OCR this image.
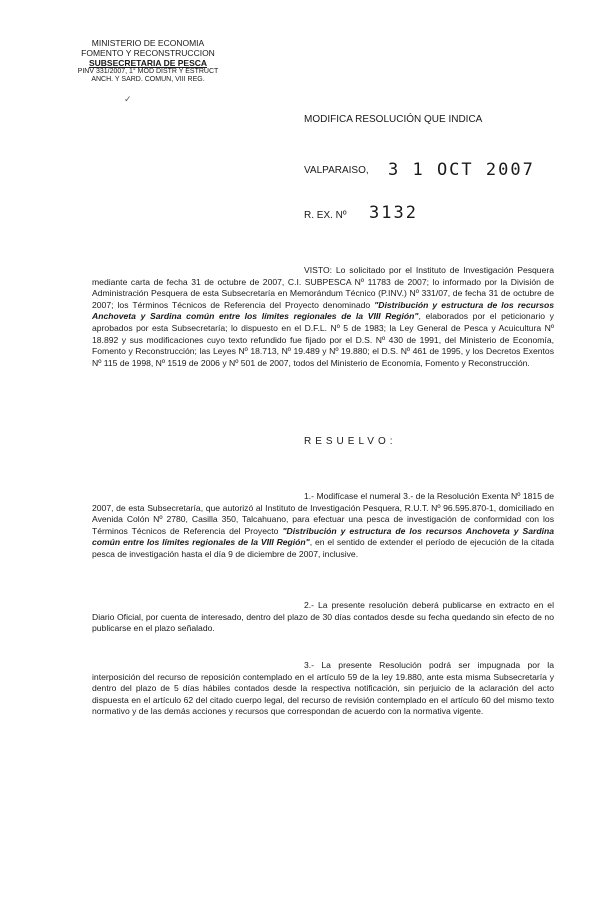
MINISTERIO DE ECONOMIA
FOMENTO Y RECONSTRUCCION
SUBSECRETARIA DE PESCA
PINV 331/2007, 1° MOD DISTR Y ESTRUCT
ANCH. Y SARD. COMUN, VIII REG.
✓
MODIFICA RESOLUCIÓN QUE INDICA
VALPARAISO, 3 1 OCT 2007
R. EX. Nº 3132
VISTO: Lo solicitado por el Instituto de Investigación Pesquera mediante carta de fecha 31 de octubre de 2007, C.I. SUBPESCA Nº 11783 de 2007; lo informado por la División de Administración Pesquera de esta Subsecretaría en Memorándum Técnico (P.INV.) Nº 331/07, de fecha 31 de octubre de 2007; los Términos Técnicos de Referencia del Proyecto denominado "Distribución y estructura de los recursos Anchoveta y Sardina común entre los límites regionales de la VIII Región", elaborados por el peticionario y aprobados por esta Subsecretaría; lo dispuesto en el D.F.L. Nº 5 de 1983; la Ley General de Pesca y Acuicultura Nº 18.892 y sus modificaciones cuyo texto refundido fue fijado por el D.S. Nº 430 de 1991, del Ministerio de Economía, Fomento y Reconstrucción; las Leyes Nº 18.713, Nº 19.489 y Nº 19.880; el D.S. Nº 461 de 1995, y los Decretos Exentos Nº 115 de 1998, Nº 1519 de 2006 y Nº 501 de 2007, todos del Ministerio de Economía, Fomento y Reconstrucción.
RESUELVO:
1.- Modifícase el numeral 3.- de la Resolución Exenta Nº 1815 de 2007, de esta Subsecretaría, que autorizó al Instituto de Investigación Pesquera, R.U.T. Nº 96.595.870-1, domiciliado en Avenida Colón Nº 2780, Casilla 350, Talcahuano, para efectuar una pesca de investigación de conformidad con los Términos Técnicos de Referencia del Proyecto "Distribución y estructura de los recursos Anchoveta y Sardina común entre los límites regionales de la VIII Región", en el sentido de extender el período de ejecución de la citada pesca de investigación hasta el día 9 de diciembre de 2007, inclusive.
2.- La presente resolución deberá publicarse en extracto en el Diario Oficial, por cuenta de interesado, dentro del plazo de 30 días contados desde su fecha quedando sin efecto de no publicarse en el plazo señalado.
3.- La presente Resolución podrá ser impugnada por la interposición del recurso de reposición contemplado en el artículo 59 de la ley 19.880, ante esta misma Subsecretaría y dentro del plazo de 5 días hábiles contados desde la respectiva notificación, sin perjuicio de la aclaración del acto dispuesta en el artículo 62 del citado cuerpo legal, del recurso de revisión contemplado en el artículo 60 del mismo texto normativo y de las demás acciones y recursos que correspondan de acuerdo con la normativa vigente.
